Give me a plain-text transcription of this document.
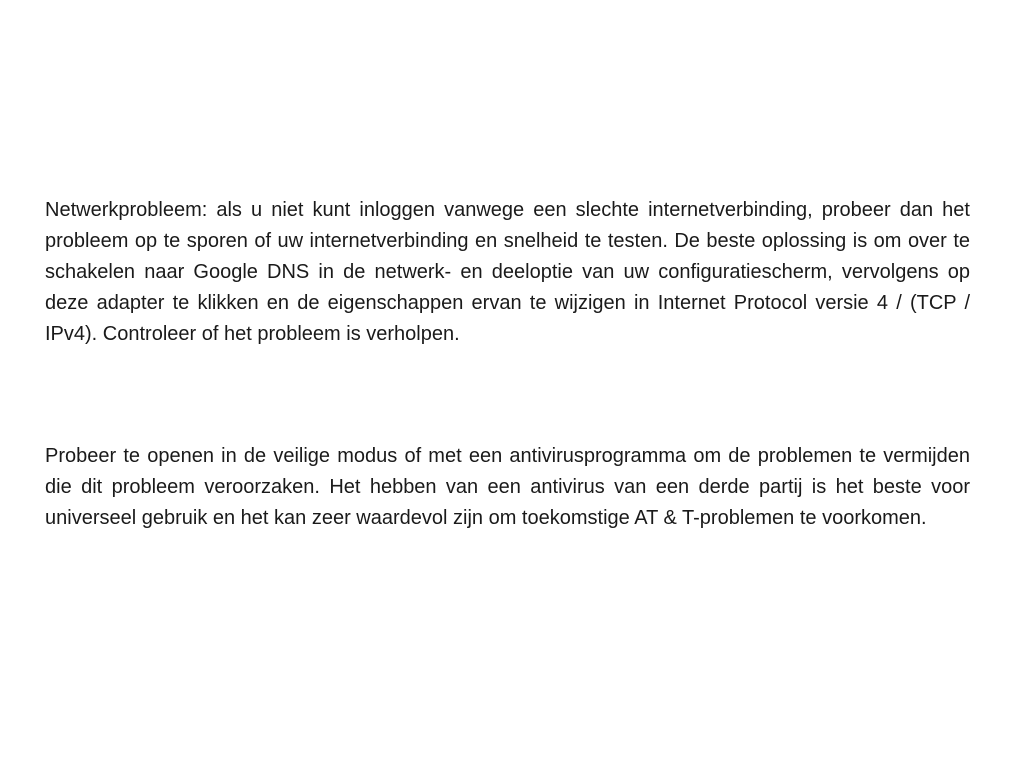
Netwerkprobleem: als u niet kunt inloggen vanwege een slechte internetverbinding, probeer dan het probleem op te sporen of uw internetverbinding en snelheid te testen. De beste oplossing is om over te schakelen naar Google DNS in de netwerk- en deeloptie van uw configuratiescherm, vervolgens op deze adapter te klikken en de eigenschappen ervan te wijzigen in Internet Protocol versie 4 / (TCP / IPv4). Controleer of het probleem is verholpen.

Probeer te openen in de veilige modus of met een antivirusprogramma om de problemen te vermijden die dit probleem veroorzaken. Het hebben van een antivirus van een derde partij is het beste voor universeel gebruik en het kan zeer waardevol zijn om toekomstige AT & T-problemen te voorkomen.
